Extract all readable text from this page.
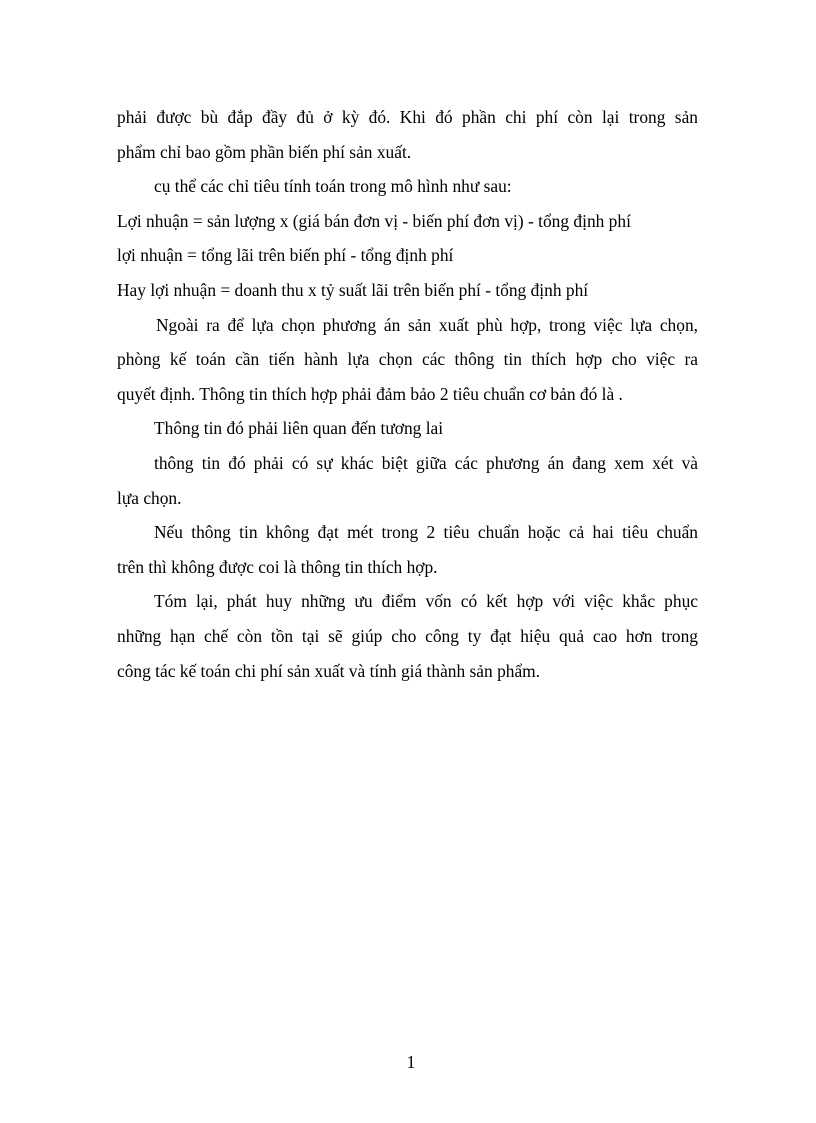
phải được bù đắp đầy đủ ở kỳ đó. Khi đó phần chi phí còn lại trong sản

phẩm chỉ bao gồm phần biến phí sản xuất.

cụ thể các chỉ tiêu tính toán trong mô hình như sau:

Lợi nhuận = sản lượng x (giá bán đơn vị - biến phí đơn vị) - tổng định phí

lợi nhuận = tổng lãi trên biến phí - tổng định phí

Hay lợi nhuận = doanh thu x tỷ suất lãi trên biến phí - tổng định phí

Ngoài ra để lựa chọn phương án sản xuất phù hợp, trong việc lựa chọn,

phòng kế toán cần tiến hành lựa chọn các thông tin thích hợp cho việc ra

quyết định. Thông tin thích hợp phải đảm bảo 2 tiêu chuẩn cơ bản đó là .

Thông tin đó phải liên quan đến tương lai

thông tin đó phải có sự khác biệt giữa các phương án đang xem xét và

lựa chọn.

Nếu thông tin không đạt mét trong 2 tiêu chuẩn hoặc cả hai tiêu chuẩn

trên thì không được coi là thông tin thích hợp.

Tóm lại, phát huy những ưu điểm vốn có kết hợp với việc khắc phục

những hạn chế còn tồn tại sẽ giúp cho công ty đạt hiệu quả cao hơn trong

công tác kế toán chi phí sản xuất và tính giá thành sản phẩm.

1
